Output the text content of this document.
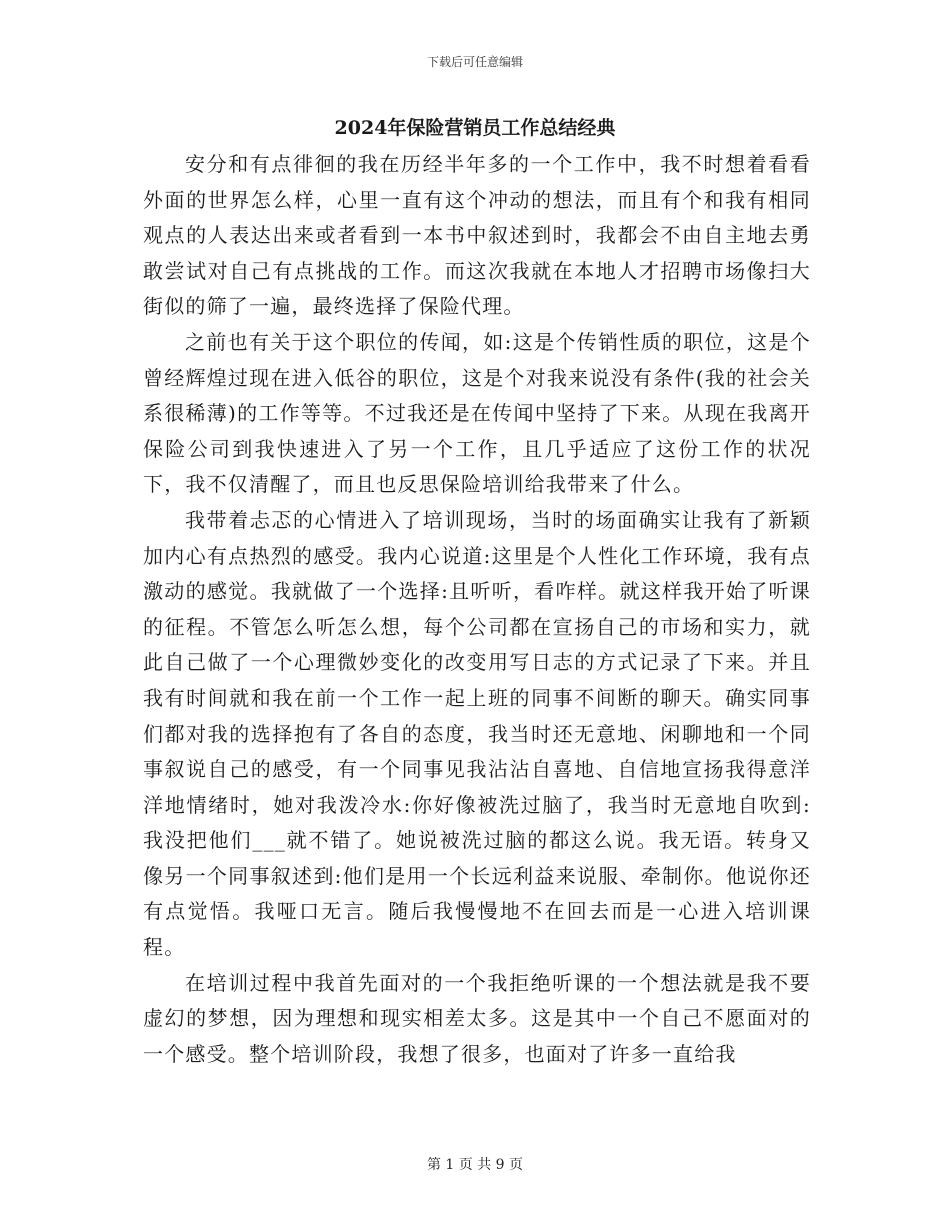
下载后可任意编辑
2024年保险营销员工作总结经典

安分和有点徘徊的我在历经半年多的一个工作中，我不时想着看看外面的世界怎么样，心里一直有这个冲动的想法，而且有个和我有相同观点的人表达出来或者看到一本书中叙述到时，我都会不由自主地去勇敢尝试对自己有点挑战的工作。而这次我就在本地人才招聘市场像扫大街似的筛了一遍，最终选择了保险代理。

之前也有关于这个职位的传闻，如:这是个传销性质的职位，这是个曾经辉煌过现在进入低谷的职位，这是个对我来说没有条件(我的社会关系很稀薄)的工作等等。不过我还是在传闻中坚持了下来。从现在我离开保险公司到我快速进入了另一个工作，且几乎适应了这份工作的状况下，我不仅清醒了，而且也反思保险培训给我带来了什么。

我带着忐忑的心情进入了培训现场，当时的场面确实让我有了新颖加内心有点热烈的感受。我内心说道:这里是个人性化工作环境，我有点激动的感觉。我就做了一个选择:且听听，看咋样。就这样我开始了听课的征程。不管怎么听怎么想，每个公司都在宣扬自己的市场和实力，就此自己做了一个心理微妙变化的改变用写日志的方式记录了下来。并且我有时间就和我在前一个工作一起上班的同事不间断的聊天。确实同事们都对我的选择抱有了各自的态度，我当时还无意地、闲聊地和一个同事叙说自己的感受，有一个同事见我沾沾自喜地、自信地宣扬我得意洋洋地情绪时，她对我泼冷水:你好像被洗过脑了，我当时无意地自吹到:我没把他们___就不错了。她说被洗过脑的都这么说。我无语。转身又像另一个同事叙述到:他们是用一个长远利益来说服、牵制你。他说你还有点觉悟。我哑口无言。随后我慢慢地不在回去而是一心进入培训课程。

在培训过程中我首先面对的一个我拒绝听课的一个想法就是我不要虚幻的梦想，因为理想和现实相差太多。这是其中一个自己不愿面对的一个感受。整个培训阶段，我想了很多，也面对了许多一直给我

第 1 页 共 9 页
